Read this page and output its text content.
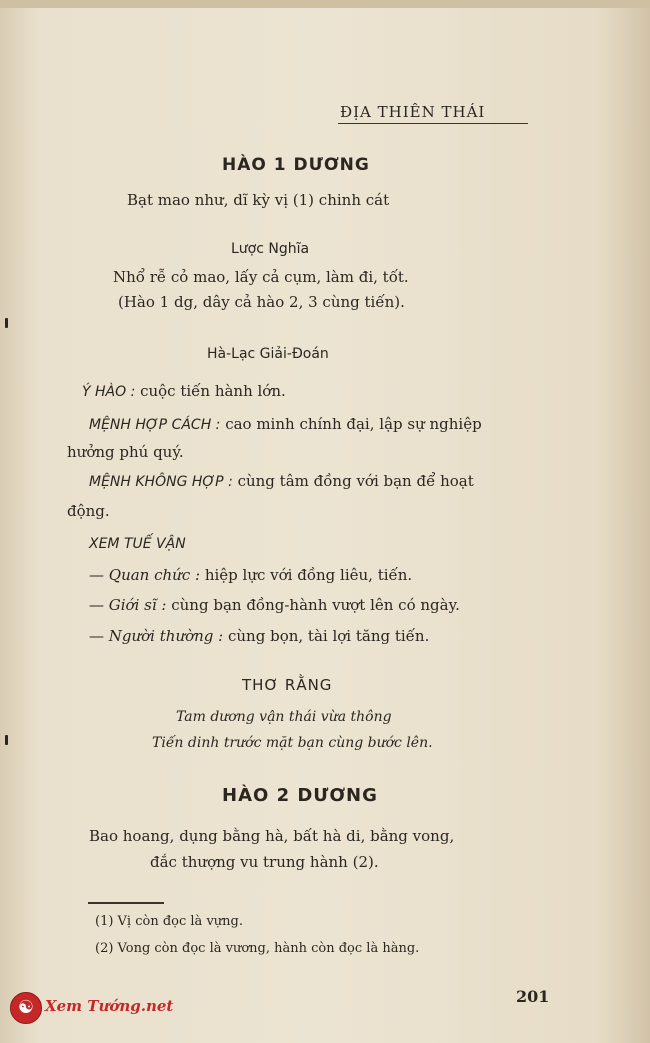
ĐỊA THIÊN THÁI
HÀO 1 DƯƠNG
Bạt mao như, dĩ kỳ vị (1) chinh cát
Lược Nghĩa
Nhổ rễ cỏ mao, lấy cả cụm, làm đi, tốt.
(Hào 1 dg, dây cả hào 2, 3 cùng tiến).
Hà-Lạc Giải-Đoán
Ý HÀO : cuộc tiến hành lớn.
MỆNH HỢP CÁCH : cao minh chính đại, lập sự nghiệp
hưởng phú quý.
MỆNH KHÔNG HỢP : cùng tâm đồng với bạn để hoạt
động.
XEM TUẾ VẬN
— Quan chức : hiệp lực với đồng liêu, tiến.
— Giới sĩ : cùng bạn đồng-hành vượt lên có ngày.
— Người thường : cùng bọn, tài lợi tăng tiến.
THƠ RẰNG
Tam dương vận thái vừa thông
Tiến dinh trước mặt bạn cùng bước lên.
HÀO 2 DƯƠNG
Bao hoang, dụng bằng hà, bất hà di, bằng vong,
đắc thượng vu trung hành (2).
(1) Vị còn đọc là vựng.
(2) Vong còn đọc là vương, hành còn đọc là hàng.
201
☯ Xem Tướng.net
